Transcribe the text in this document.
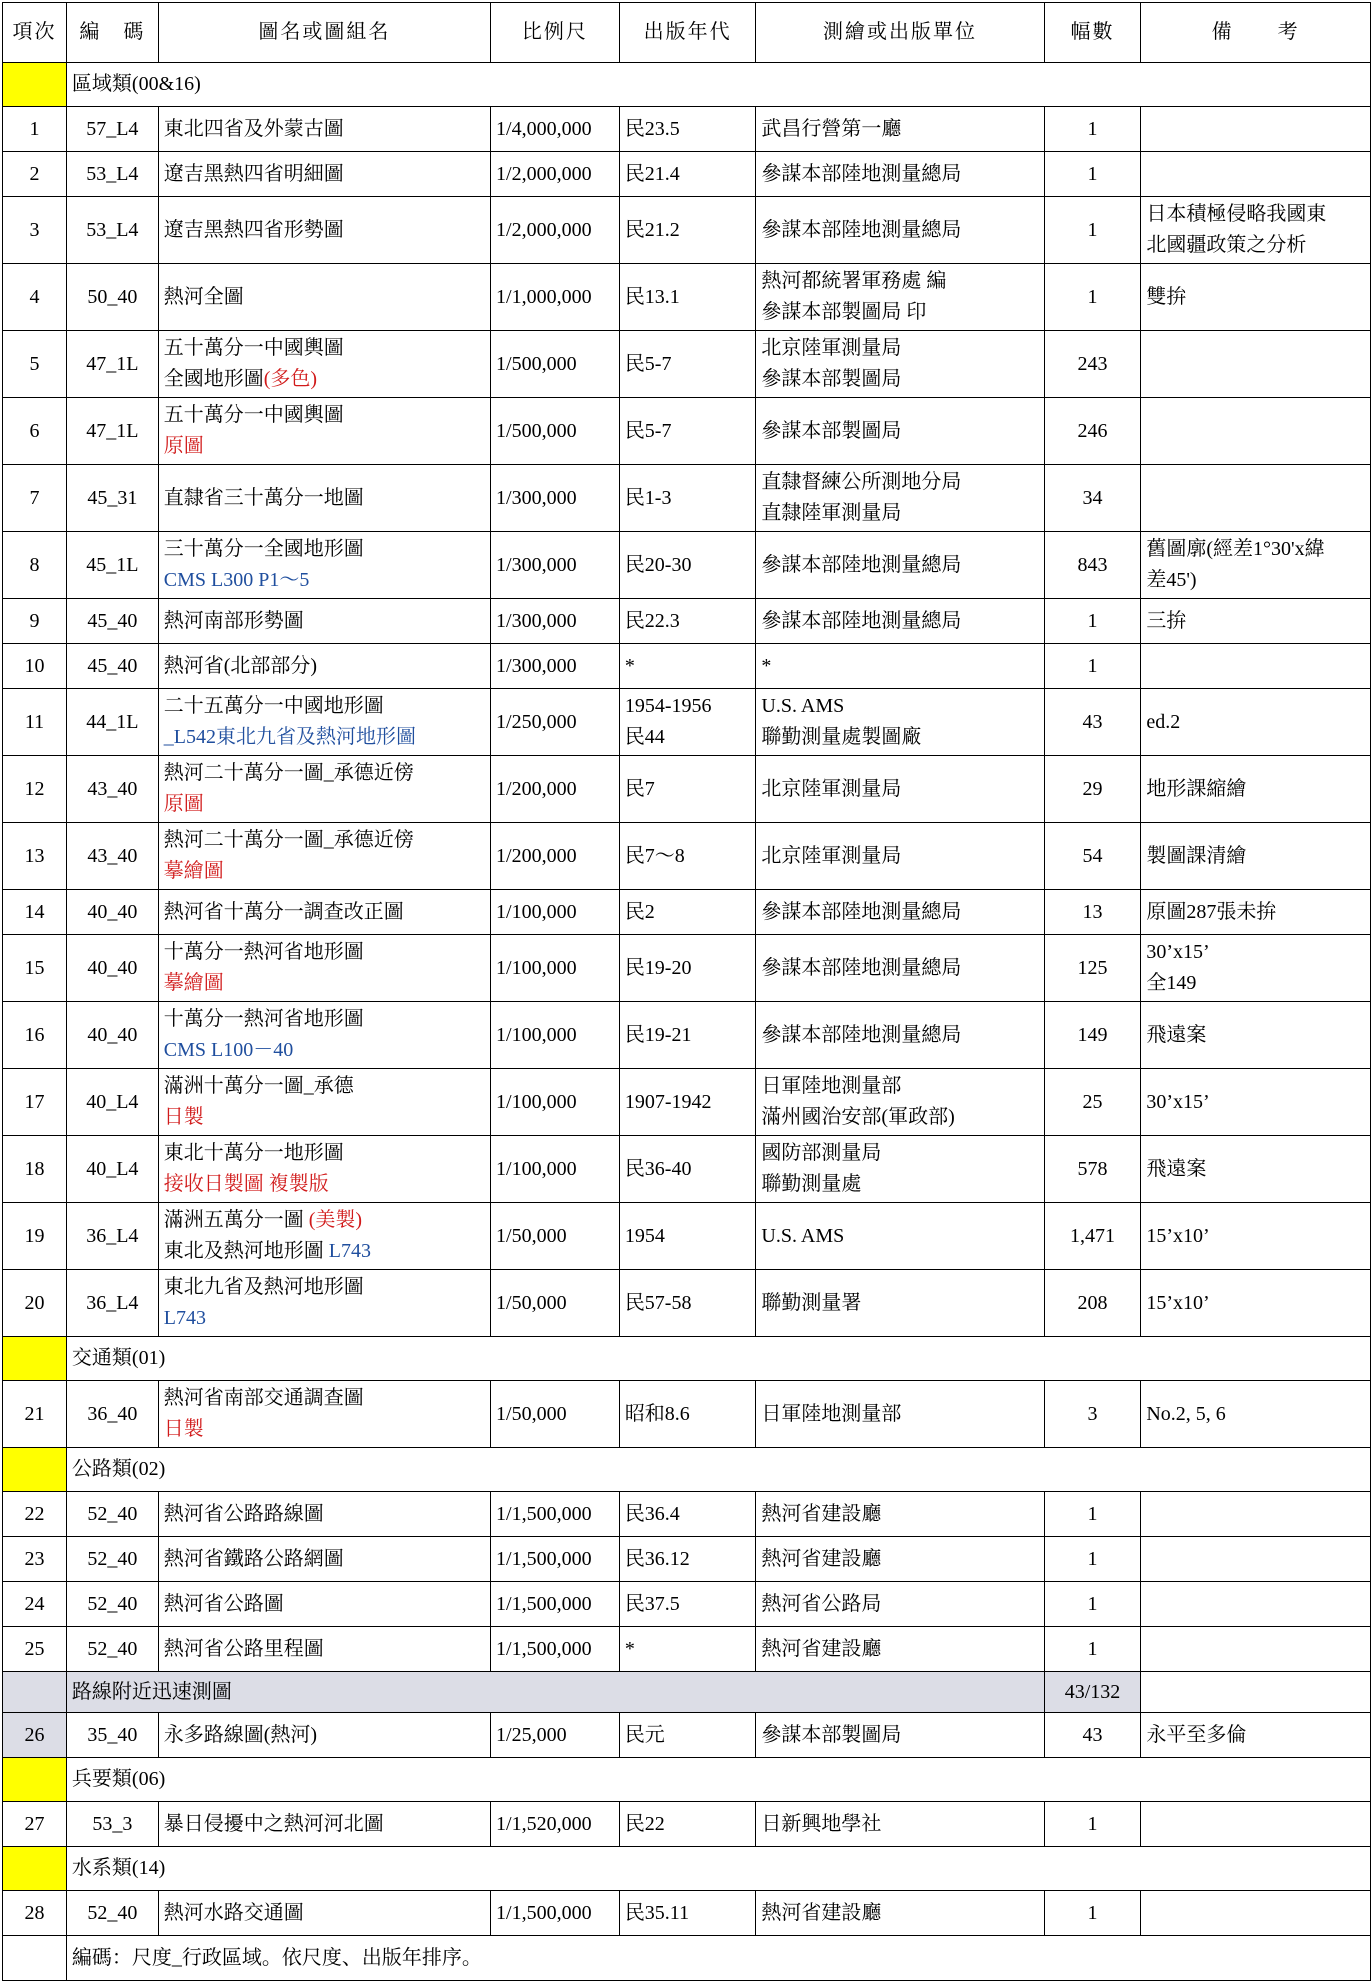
項次	編　碼	圖名或圖組名	比例尺	出版年代	測繪或出版單位	幅數	備　　考
	區域類(00&16)						
1	57_L4	東北四省及外蒙古圖	1/4,000,000	民23.5	武昌行營第一廳	1	
2	53_L4	遼吉黑熱四省明細圖	1/2,000,000	民21.4	參謀本部陸地測量總局	1	
3	53_L4	遼吉黑熱四省形勢圖	1/2,000,000	民21.2	參謀本部陸地測量總局	1	日本積極侵略我國東
北國疆政策之分析

4	50_40	熱河全圖	1/1,000,000	民13.1	熱河都統署軍務處 編
參謀本部製圖局 印	1	雙拚

5	47_1L	五十萬分一中國輿圖
全國地形圖(多色)	1/500,000	民5-7	北京陸軍測量局
參謀本部製圖局	243	
6	47_1L	五十萬分一中國輿圖
原圖	1/500,000	民5-7	參謀本部製圖局	246	
7	45_31	直隸省三十萬分一地圖	1/300,000	民1-3	直隸督練公所測地分局
直隸陸軍測量局	34	
8	45_1L	三十萬分一全國地形圖
CMS L300 P1～5	1/300,000	民20-30	參謀本部陸地測量總局	843	舊圖廓(經差1°30'x緯
差45')

9	45_40	熱河南部形勢圖	1/300,000	民22.3	參謀本部陸地測量總局	1	三拚

10	45_40	熱河省(北部部分)	1/300,000	*	*	1	
11	44_1L	二十五萬分一中國地形圖
_L542東北九省及熱河地形圖	1/250,000	1954-1956
民44	U.S. AMS
聯勤測量處製圖廠	43	ed.2

12	43_40	熱河二十萬分一圖_承德近傍
原圖	1/200,000	民7	北京陸軍測量局	29	地形課縮繪

13	43_40	熱河二十萬分一圖_承德近傍
摹繪圖	1/200,000	民7～8	北京陸軍測量局	54	製圖課清繪

14	40_40	熱河省十萬分一調查改正圖	1/100,000	民2	參謀本部陸地測量總局	13	原圖287張未拚

15	40_40	十萬分一熱河省地形圖
摹繪圖	1/100,000	民19-20	參謀本部陸地測量總局	125	30’x15’
全149

16	40_40	十萬分一熱河省地形圖
CMS L100－40	1/100,000	民19-21	參謀本部陸地測量總局	149	飛遠案

17	40_L4	滿洲十萬分一圖_承德
日製	1/100,000	1907-1942	日軍陸地測量部
滿州國治安部(軍政部)	25	30’x15’

18	40_L4	東北十萬分一地形圖
接收日製圖 複製版	1/100,000	民36-40	國防部測量局
聯勤測量處	578	飛遠案

19	36_L4	滿洲五萬分一圖 (美製)
東北及熱河地形圖 L743	1/50,000	1954	U.S. AMS	1,471	15’x10’

20	36_L4	東北九省及熱河地形圖
L743	1/50,000	民57-58	聯勤測量署	208	15’x10’

	交通類(01)						
21	36_40	熱河省南部交通調查圖
日製	1/50,000	昭和8.6	日軍陸地測量部	3	No.2, 5, 6

	公路類(02)						
22	52_40	熱河省公路路線圖	1/1,500,000	民36.4	熱河省建設廳	1	
23	52_40	熱河省鐵路公路網圖	1/1,500,000	民36.12	熱河省建設廳	1	
24	52_40	熱河省公路圖	1/1,500,000	民37.5	熱河省公路局	1	
25	52_40	熱河省公路里程圖	1/1,500,000	*	熱河省建設廳	1	
	路線附近迅速測圖					43/132	
26	35_40	永多路線圖(熱河)	1/25,000	民元	參謀本部製圖局	43	永平至多倫

	兵要類(06)						
27	53_3	暴日侵擾中之熱河河北圖	1/1,520,000	民22	日新興地學社	1	
	水系類(14)						
28	52_40	熱河水路交通圖	1/1,500,000	民35.11	熱河省建設廳	1	
	編碼：尺度_行政區域。依尺度、出版年排序。						
